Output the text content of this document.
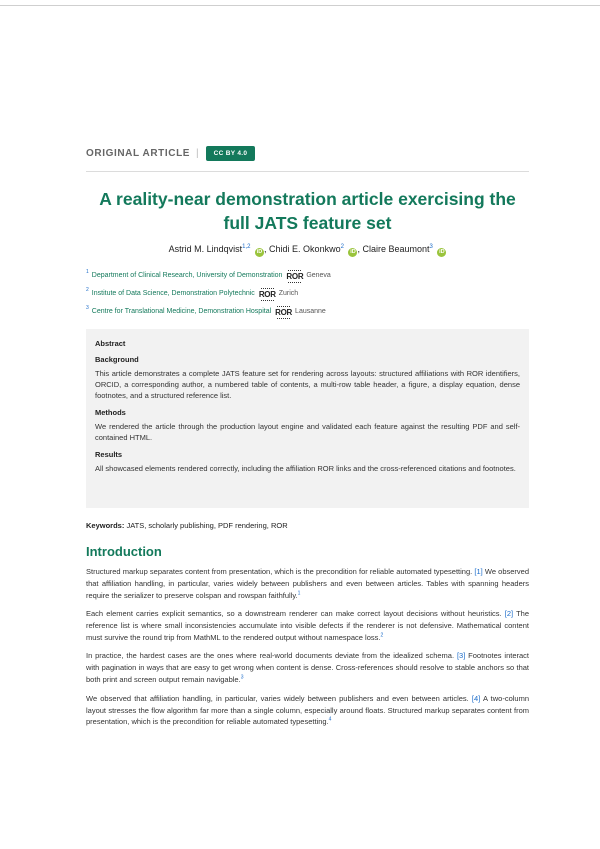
ORIGINAL ARTICLE |	CC BY 4.0
A reality-near demonstration article exercising the full JATS feature set
Astrid M. Lindqvist$^{1,2}$ iD , Chidi E. Okonkwo$^2$ iD , Claire Beaumont$^3$ iD
1 Department of Clinical Research, University of Demonstration ROR Geneva
2 Institute of Data Science, Demonstration Polytechnic ROR Zurich
3 Centre for Translational Medicine, Demonstration Hospital ROR Lausanne
Abstract
Background
This article demonstrates a complete JATS feature set for rendering across layouts: structured affiliations with ROR identifiers, ORCID, a corresponding author, a numbered table of contents, a multi-row table header, a figure, a display equation, dense footnotes, and a structured reference list.
Methods
We rendered the article through the production layout engine and validated each feature against the resulting PDF and self-contained HTML.
Results
All showcased elements rendered correctly, including the affiliation ROR links and the cross-referenced citations and footnotes.
Keywords: JATS, scholarly publishing, PDF rendering, ROR
Introduction

Structured markup separates content from presentation, which is the precondition for reliable automated typesetting. [1] We observed that affiliation handling, in particular, varies widely between publishers and even between articles. Tables with spanning headers require the serializer to preserve colspan and rowspan faithfully.$^1$

Each element carries explicit semantics, so a downstream renderer can make correct layout decisions without heuristics. [2] The reference list is where small inconsistencies accumulate into visible defects if the renderer is not defensive. Mathematical content must survive the round trip from MathML to the rendered output without namespace loss.$^2$

In practice, the hardest cases are the ones where real-world documents deviate from the idealized schema. [3] Footnotes interact with pagination in ways that are easy to get wrong when content is dense. Cross-references should resolve to stable anchors so that both print and screen output remain navigable.$^3$

We observed that affiliation handling, in particular, varies widely between publishers and even between articles. [4] A two-column layout stresses the flow algorithm far more than a single column, especially around floats. Structured markup separates content from presentation, which is the precondition for reliable automated typesetting.$^4$
